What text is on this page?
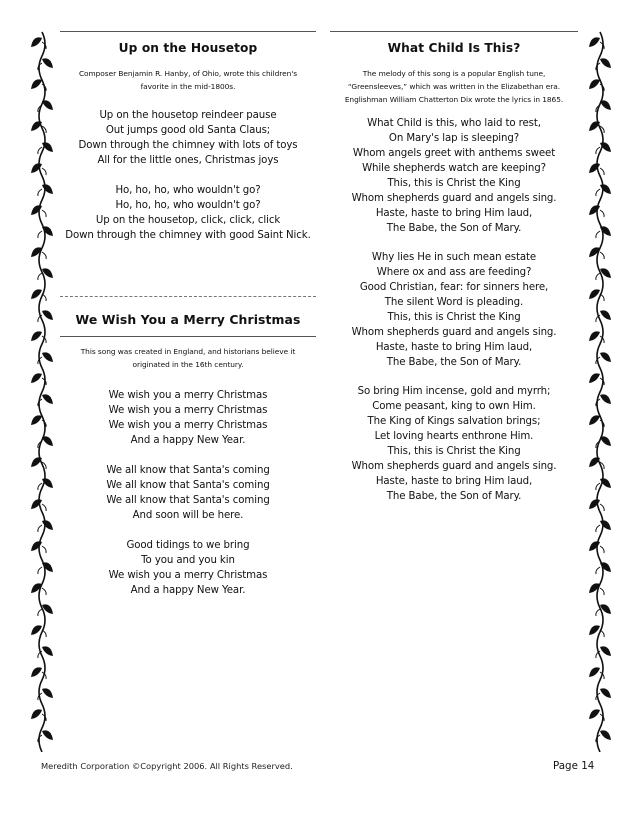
Up on the Housetop
Composer Benjamin R. Hanby, of Ohio, wrote this children's favorite in the mid-1800s.
Up on the housetop reindeer pause
Out jumps good old Santa Claus;
Down through the chimney with lots of toys
All for the little ones, Christmas joys
Ho, ho, ho, who wouldn't go?
Ho, ho, ho, who wouldn't go?
Up on the housetop, click, click, click
Down through the chimney with good Saint Nick.
We Wish You a Merry Christmas
This song was created in England, and historians believe it originated in the 16th century.
We wish you a merry Christmas
We wish you a merry Christmas
We wish you a merry Christmas
And a happy New Year.
We all know that Santa's coming
We all know that Santa's coming
We all know that Santa's coming
And soon will be here.
Good tidings to we bring
To you and you kin
We wish you a merry Christmas
And a happy New Year.
What Child Is This?
The melody of this song is a popular English tune, “Greensleeves,” which was written in the Elizabethan era. Englishman William Chatterton Dix wrote the lyrics in 1865.
What Child is this, who laid to rest,
On Mary's lap is sleeping?
Whom angels greet with anthems sweet
While shepherds watch are keeping?
This, this is Christ the King
Whom shepherds guard and angels sing.
Haste, haste to bring Him laud,
The Babe, the Son of Mary.
Why lies He in such mean estate
Where ox and ass are feeding?
Good Christian, fear: for sinners here,
The silent Word is pleading.
This, this is Christ the King
Whom shepherds guard and angels sing.
Haste, haste to bring Him laud,
The Babe, the Son of Mary.
So bring Him incense, gold and myrrh;
Come peasant, king to own Him.
The King of Kings salvation brings;
Let loving hearts enthrone Him.
This, this is Christ the King
Whom shepherds guard and angels sing.
Haste, haste to bring Him laud,
The Babe, the Son of Mary.
Meredith Corporation ©Copyright 2006. All Rights Reserved.	Page 14
